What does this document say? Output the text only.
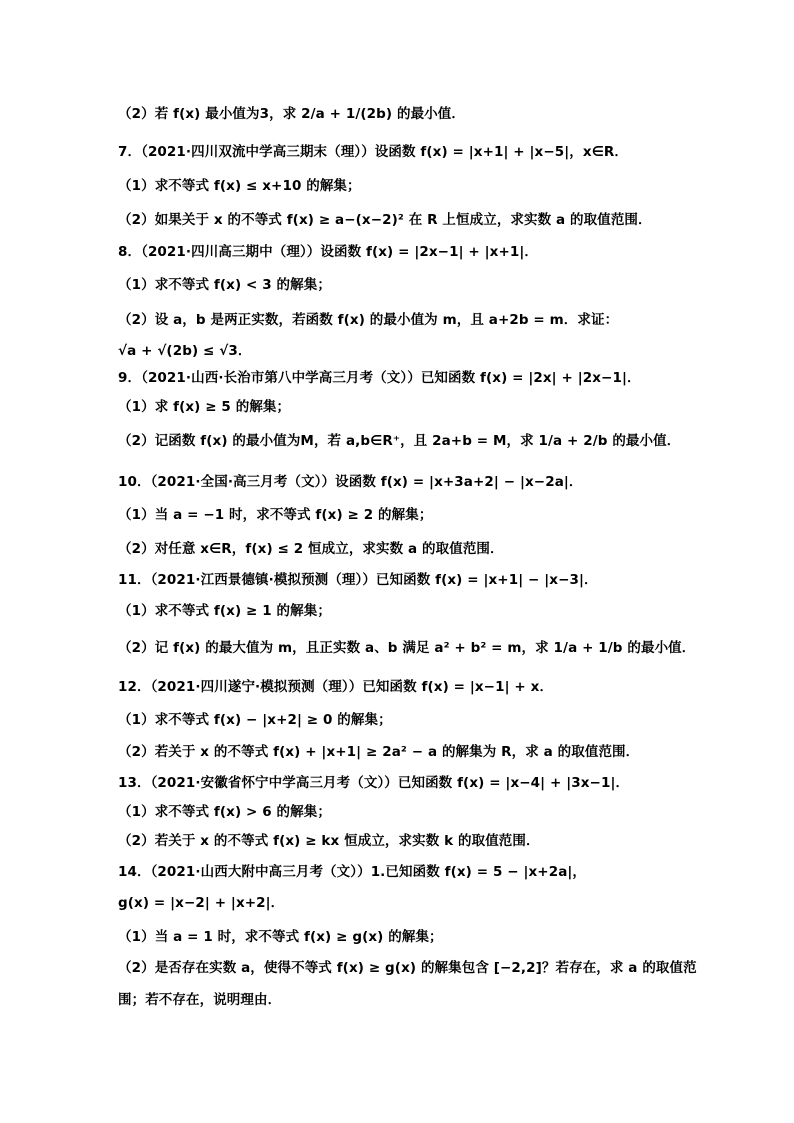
（2）若 f(x) 最小值为3，求 2/a + 1/(2b) 的最小值．
7．（2021·四川双流中学高三期末（理））设函数 f(x) = |x+1| + |x−5|，x∈R．
（1）求不等式 f(x) ≤ x+10 的解集；
（2）如果关于 x 的不等式 f(x) ≥ a−(x−2)² 在 R 上恒成立，求实数 a 的取值范围．
8．（2021·四川高三期中（理））设函数 f(x) = |2x−1| + |x+1|．
（1）求不等式 f(x) < 3 的解集；
（2）设 a，b 是两正实数，若函数 f(x) 的最小值为 m，且 a+2b = m．求证：
√a + √(2b) ≤ √3．
9．（2021·山西·长治市第八中学高三月考（文））已知函数 f(x) = |2x| + |2x−1|．
（1）求 f(x) ≥ 5 的解集；
（2）记函数 f(x) 的最小值为M，若 a,b∈R⁺，且 2a+b = M，求 1/a + 2/b 的最小值．
10．（2021·全国·高三月考（文））设函数 f(x) = |x+3a+2| − |x−2a|．
（1）当 a = −1 时，求不等式 f(x) ≥ 2 的解集；
（2）对任意 x∈R，f(x) ≤ 2 恒成立，求实数 a 的取值范围．
11．（2021·江西景德镇·模拟预测（理））已知函数 f(x) = |x+1| − |x−3|．
（1）求不等式 f(x) ≥ 1 的解集；
（2）记 f(x) 的最大值为 m，且正实数 a、b 满足 a² + b² = m，求 1/a + 1/b 的最小值．
12．（2021·四川遂宁·模拟预测（理））已知函数 f(x) = |x−1| + x．
（1）求不等式 f(x) − |x+2| ≥ 0 的解集；
（2）若关于 x 的不等式 f(x) + |x+1| ≥ 2a² − a 的解集为 R，求 a 的取值范围．
13．（2021·安徽省怀宁中学高三月考（文））已知函数 f(x) = |x−4| + |3x−1|．
（1）求不等式 f(x) > 6 的解集；
（2）若关于 x 的不等式 f(x) ≥ kx 恒成立，求实数 k 的取值范围．
14．（2021·山西大附中高三月考（文））1.已知函数 f(x) = 5 − |x+2a|，
g(x) = |x−2| + |x+2|．
（1）当 a = 1 时，求不等式 f(x) ≥ g(x) 的解集；
（2）是否存在实数 a，使得不等式 f(x) ≥ g(x) 的解集包含 [−2,2]？若存在，求 a 的取值范
围；若不存在，说明理由．
